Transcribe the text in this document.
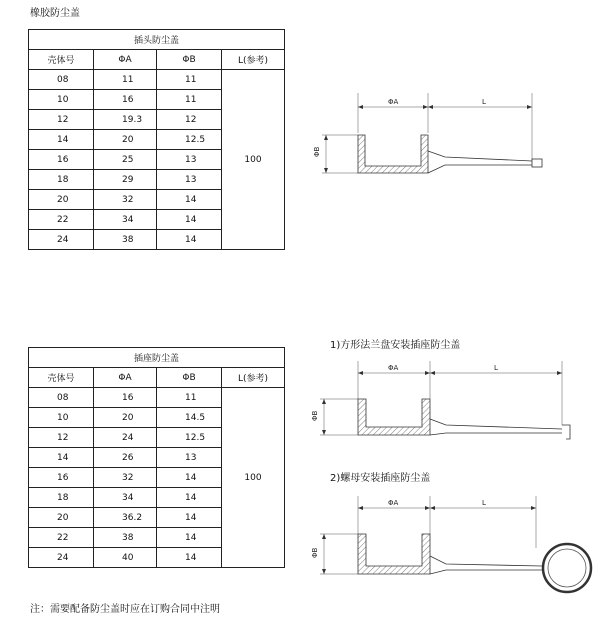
橡胶防尘盖
插头防尘盖			
壳体号	ΦA	ΦB	L(参考)
08	11	11	100
10	16	11	
12	19.3	12	
14	20	12.5	
16	25	13	
18	29	13	
20	32	14	
22	34	14	
24	38	14	
插座防尘盖			
壳体号	ΦA	ΦB	L(参考)
08	16	11	100
10	20	14.5	
12	24	12.5	
14	26	13	
16	32	14	
18	34	14	
20	36.2	14	
22	38	14	
24	40	14	
ΦA	L
ΦB
1)方形法兰盘安装插座防尘盖
ΦA	L
ΦB
2)螺母安装插座防尘盖
ΦA	L
ΦB
注：需要配备防尘盖时应在订购合同中注明
